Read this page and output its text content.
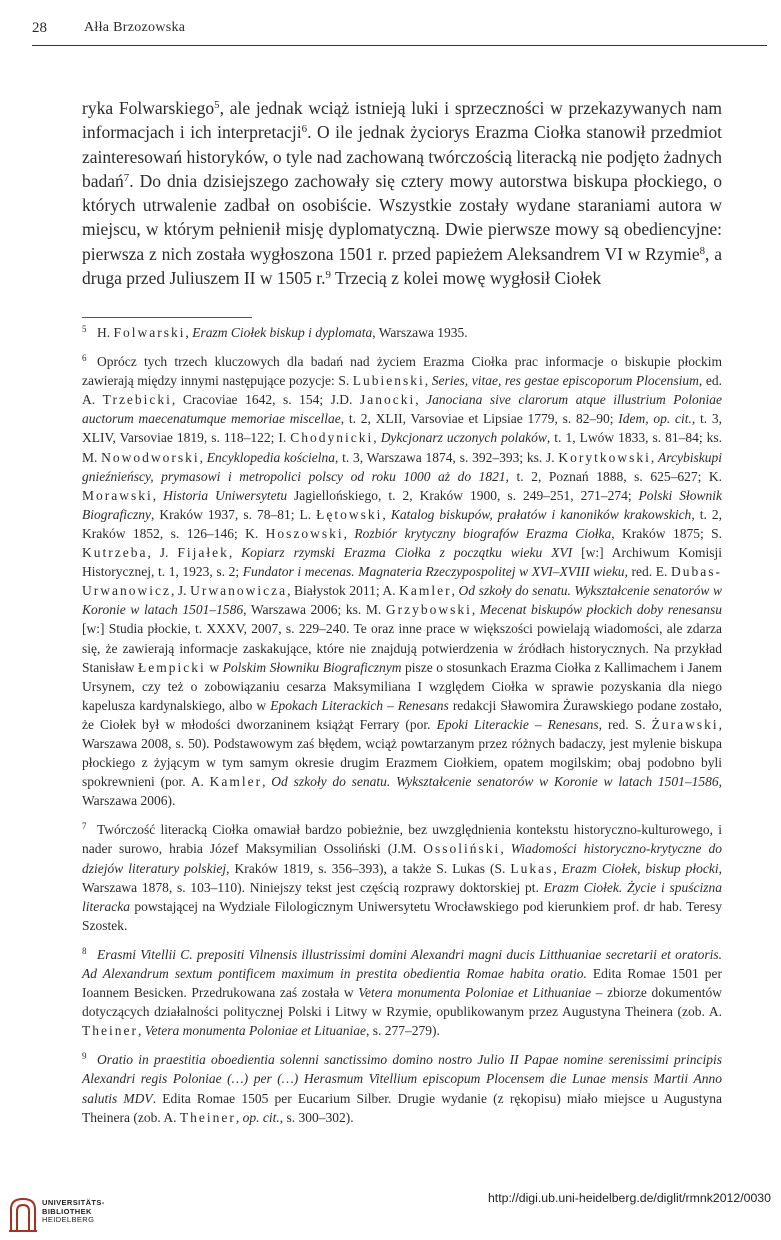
28	Ałła Brzozowska

ryka Folwarskiego$^5$, ale jednak wciąż istnieją luki i sprzeczności w przekazywanych nam informacjach i ich interpretacji$^6$. O ile jednak życiorys Erazma Ciołka stanowił przedmiot zainteresowań historyków, o tyle nad zachowaną twórczością literacką nie podjęto żadnych badań$^7$. Do dnia dzisiejszego zachowały się cztery mowy autorstwa biskupa płockiego, o których utrwalenie zadbał on osobiście. Wszystkie zostały wydane staraniami autora w miejscu, w którym pełnienił misję dyplomatyczną. Dwie pierwsze mowy są obediencyjne: pierwsza z nich została wygłoszona 1501 r. przed papieżem Aleksandrem VI w Rzymie$^8$, a druga przed Juliuszem II w 1505 r.$^9$ Trzecią z kolei mowę wygłosił Ciołek

5 H. Folwarski, Erazm Ciołek biskup i dyplomata, Warszawa 1935.

6 Oprócz tych trzech kluczowych dla badań nad życiem Erazma Ciołka prac informacje o biskupie płockim zawierają między innymi następujące pozycje: S. Lubienski, Series, vitae, res gestae episcoporum Plocensium, ed. A. Trzebicki, Cracoviae 1642, s. 154; J.D. Janocki, Janociana sive clarorum atque illustrium Poloniae auctorum maecenatumque memoriae miscellae, t. 2, XLII, Varsoviae et Lipsiae 1779, s. 82–90; Idem, op. cit., t. 3, XLIV, Varsoviae 1819, s. 118–122; I. Chodynicki, Dykcjonarz uczonych polaków, t. 1, Lwów 1833, s. 81–84; ks. M. Nowodworski, Encyklopedia kościelna, t. 3, Warszawa 1874, s. 392–393; ks. J. Korytkowski, Arcybiskupi gnieźnieńscy, prymasowi i metropolici polscy od roku 1000 aż do 1821, t. 2, Poznań 1888, s. 625–627; K. Morawski, Historia Uniwersytetu Jagiellońskiego, t. 2, Kraków 1900, s. 249–251, 271–274; Polski Słownik Biograficzny, Kraków 1937, s. 78–81; L. Łętowski, Katalog biskupów, prałatów i kanoników krakowskich, t. 2, Kraków 1852, s. 126–146; K. Hoszowski, Rozbiór krytyczny biografów Erazma Ciołka, Kraków 1875; S. Kutrzeba, J. Fijałek, Kopiarz rzymski Erazma Ciołka z początku wieku XVI [w:] Archiwum Komisji Historycznej, t. 1, 1923, s. 2; Fundator i mecenas. Magnateria Rzeczypospolitej w XVI–XVIII wieku, red. E. Dubas-Urwanowicz, J. Urwanowicza, Białystok 2011; A. Kamler, Od szkoły do senatu. Wykształcenie senatorów w Koronie w latach 1501–1586, Warszawa 2006; ks. M. Grzybowski, Mecenat biskupów płockich doby renesansu [w:] Studia płockie, t. XXXV, 2007, s. 229–240. Te oraz inne prace w większości powielają wiadomości, ale zdarza się, że zawierają informacje zaskakujące, które nie znajdują potwierdzenia w źródłach historycznych. Na przykład Stanisław Łempicki w Polskim Słowniku Biograficznym pisze o stosunkach Erazma Ciołka z Kallimachem i Janem Ursynem, czy też o zobowiązaniu cesarza Maksymiliana I względem Ciołka w sprawie pozyskania dla niego kapelusza kardynalskiego, albo w Epokach Literackich – Renesans redakcji Sławomira Żurawskiego podane zostało, że Ciołek był w młodości dworzaninem książąt Ferrary (por. Epoki Literackie – Renesans, red. S. Żurawski, Warszawa 2008, s. 50). Podstawowym zaś błędem, wciąż powtarzanym przez różnych badaczy, jest mylenie biskupa płockiego z żyjącym w tym samym okresie drugim Erazmem Ciołkiem, opatem mogilskim; obaj podobno byli spokrewnieni (por. A. Kamler, Od szkoły do senatu. Wykształcenie senatorów w Koronie w latach 1501–1586, Warszawa 2006).

7 Twórczość literacką Ciołka omawiał bardzo pobieżnie, bez uwzględnienia kontekstu historyczno-kulturowego, i nader surowo, hrabia Józef Maksymilian Ossoliński (J.M. Ossoliński, Wiadomości historyczno-krytyczne do dziejów literatury polskiej, Kraków 1819, s. 356–393), a także S. Lukas (S. Lukas, Erazm Ciołek, biskup płocki, Warszawa 1878, s. 103–110). Niniejszy tekst jest częścią rozprawy doktorskiej pt. Erazm Ciołek. Życie i spuścizna literacka powstającej na Wydziale Filologicznym Uniwersytetu Wrocławskiego pod kierunkiem prof. dr hab. Teresy Szostek.

8 Erasmi Vitellii C. prepositi Vilnensis illustrissimi domini Alexandri magni ducis Litthuaniae secretarii et oratoris. Ad Alexandrum sextum pontificem maximum in prestita obedientia Romae habita oratio. Edita Romae 1501 per Ioannem Besicken. Przedrukowana zaś została w Vetera monumenta Poloniae et Lithuaniae – zbiorze dokumentów dotyczących działalności politycznej Polski i Litwy w Rzymie, opublikowanym przez Augustyna Theinera (zob. A. Theiner, Vetera monumenta Poloniae et Lituaniae, s. 277–279).

9 Oratio in praestitia oboedientia solenni sanctissimo domino nostro Julio II Papae nomine serenissimi principis Alexandri regis Poloniae (…) per (…) Herasmum Vitellium episcopum Plocensem die Lunae mensis Martii Anno salutis MDV. Edita Romae 1505 per Eucarium Silber. Drugie wydanie (z rękopisu) miało miejsce u Augustyna Theinera (zob. A. Theiner, op. cit., s. 300–302).

UNIVERSITÄTS-
BIBLIOTHEK
HEIDELBERG
http://digi.ub.uni-heidelberg.de/diglit/rmnk2012/0030
